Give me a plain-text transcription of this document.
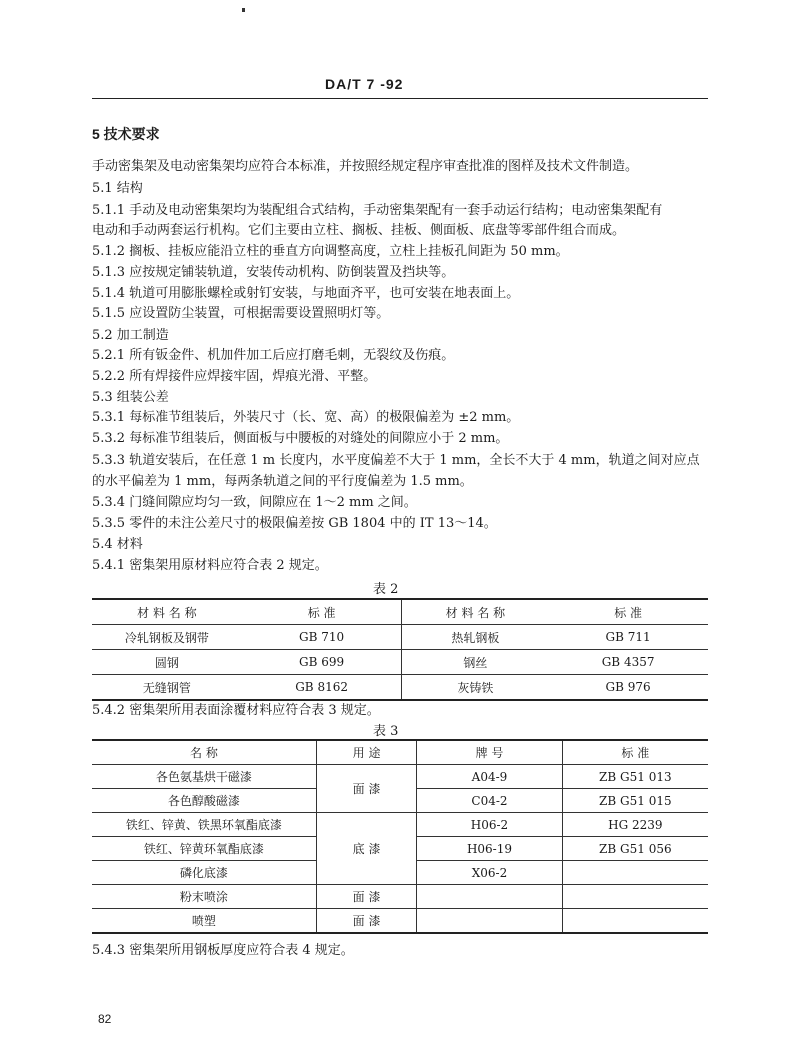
DA/T 7 -92
5 技术要求
手动密集架及电动密集架均应符合本标准，并按照经规定程序审查批准的图样及技术文件制造。
5.1 结构
5.1.1 手动及电动密集架均为装配组合式结构，手动密集架配有一套手动运行结构；电动密集架配有
电动和手动两套运行机构。它们主要由立柱、搁板、挂板、侧面板、底盘等零部件组合而成。
5.1.2 搁板、挂板应能沿立柱的垂直方向调整高度，立柱上挂板孔间距为 50 mm。
5.1.3 应按规定铺装轨道，安装传动机构、防倒装置及挡块等。
5.1.4 轨道可用膨胀螺栓或射钉安装，与地面齐平，也可安装在地表面上。
5.1.5 应设置防尘装置，可根据需要设置照明灯等。
5.2 加工制造
5.2.1 所有钣金件、机加件加工后应打磨毛刺，无裂纹及伤痕。
5.2.2 所有焊接件应焊接牢固，焊痕光滑、平整。
5.3 组装公差
5.3.1 每标准节组装后，外装尺寸（长、宽、高）的极限偏差为 ±2 mm。
5.3.2 每标准节组装后，侧面板与中腰板的对缝处的间隙应小于 2 mm。
5.3.3 轨道安装后，在任意 1 m 长度内，水平度偏差不大于 1 mm，全长不大于 4 mm，轨道之间对应点
的水平偏差为 1 mm，每两条轨道之间的平行度偏差为 1.5 mm。
5.3.4 门缝间隙应均匀一致，间隙应在 1～2 mm 之间。
5.3.5 零件的未注公差尺寸的极限偏差按 GB 1804 中的 IT 13～14。
5.4 材料
5.4.1 密集架用原材料应符合表 2 规定。
表 2
材 料 名 称	标 准	材 料 名 称	标 准
冷轧钢板及钢带	GB 710	热轧钢板	GB 711
圆钢	GB 699	钢丝	GB 4357
无缝钢管	GB 8162	灰铸铁	GB 976
5.4.2 密集架所用表面涂覆材料应符合表 3 规定。
表 3
名 称	用 途	牌 号	标 准
各色氨基烘干磁漆	面 漆	A04-9	ZB G51 013
各色醇酸磁漆		C04-2	ZB G51 015
铁红、锌黄、铁黑环氧酯底漆	底 漆	H06-2	HG 2239
铁红、锌黄环氧酯底漆		H06-19	ZB G51 056
磷化底漆		X06-2	
粉末喷涂	面 漆		
喷塑	面 漆		
5.4.3 密集架所用钢板厚度应符合表 4 规定。
82
